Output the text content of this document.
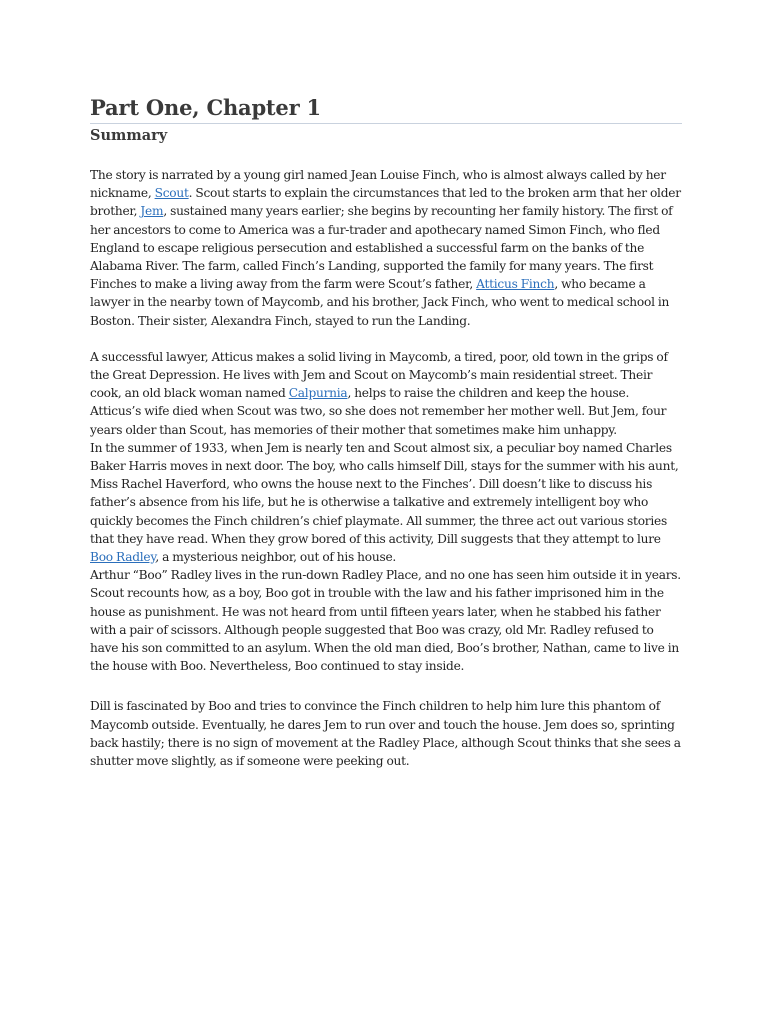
Part One, Chapter 1
Summary

The story is narrated by a young girl named Jean Louise Finch, who is almost always called by her nickname, Scout. Scout starts to explain the circumstances that led to the broken arm that her older brother, Jem, sustained many years earlier; she begins by recounting her family history. The first of her ancestors to come to America was a fur-trader and apothecary named Simon Finch, who fled England to escape religious persecution and established a successful farm on the banks of the Alabama River. The farm, called Finch’s Landing, supported the family for many years. The first Finches to make a living away from the farm were Scout’s father, Atticus Finch, who became a lawyer in the nearby town of Maycomb, and his brother, Jack Finch, who went to medical school in Boston. Their sister, Alexandra Finch, stayed to run the Landing.

A successful lawyer, Atticus makes a solid living in Maycomb, a tired, poor, old town in the grips of the Great Depression. He lives with Jem and Scout on Maycomb’s main residential street. Their cook, an old black woman named Calpurnia, helps to raise the children and keep the house. Atticus’s wife died when Scout was two, so she does not remember her mother well. But Jem, four years older than Scout, has memories of their mother that sometimes make him unhappy.

In the summer of 1933, when Jem is nearly ten and Scout almost six, a peculiar boy named Charles Baker Harris moves in next door. The boy, who calls himself Dill, stays for the summer with his aunt, Miss Rachel Haverford, who owns the house next to the Finches’. Dill doesn’t like to discuss his father’s absence from his life, but he is otherwise a talkative and extremely intelligent boy who quickly becomes the Finch children’s chief playmate. All summer, the three act out various stories that they have read. When they grow bored of this activity, Dill suggests that they attempt to lure Boo Radley, a mysterious neighbor, out of his house.

Arthur “Boo” Radley lives in the run-down Radley Place, and no one has seen him outside it in years. Scout recounts how, as a boy, Boo got in trouble with the law and his father imprisoned him in the house as punishment. He was not heard from until fifteen years later, when he stabbed his father with a pair of scissors. Although people suggested that Boo was crazy, old Mr. Radley refused to have his son committed to an asylum. When the old man died, Boo’s brother, Nathan, came to live in the house with Boo. Nevertheless, Boo continued to stay inside.

Dill is fascinated by Boo and tries to convince the Finch children to help him lure this phantom of Maycomb outside. Eventually, he dares Jem to run over and touch the house. Jem does so, sprinting back hastily; there is no sign of movement at the Radley Place, although Scout thinks that she sees a shutter move slightly, as if someone were peeking out.
